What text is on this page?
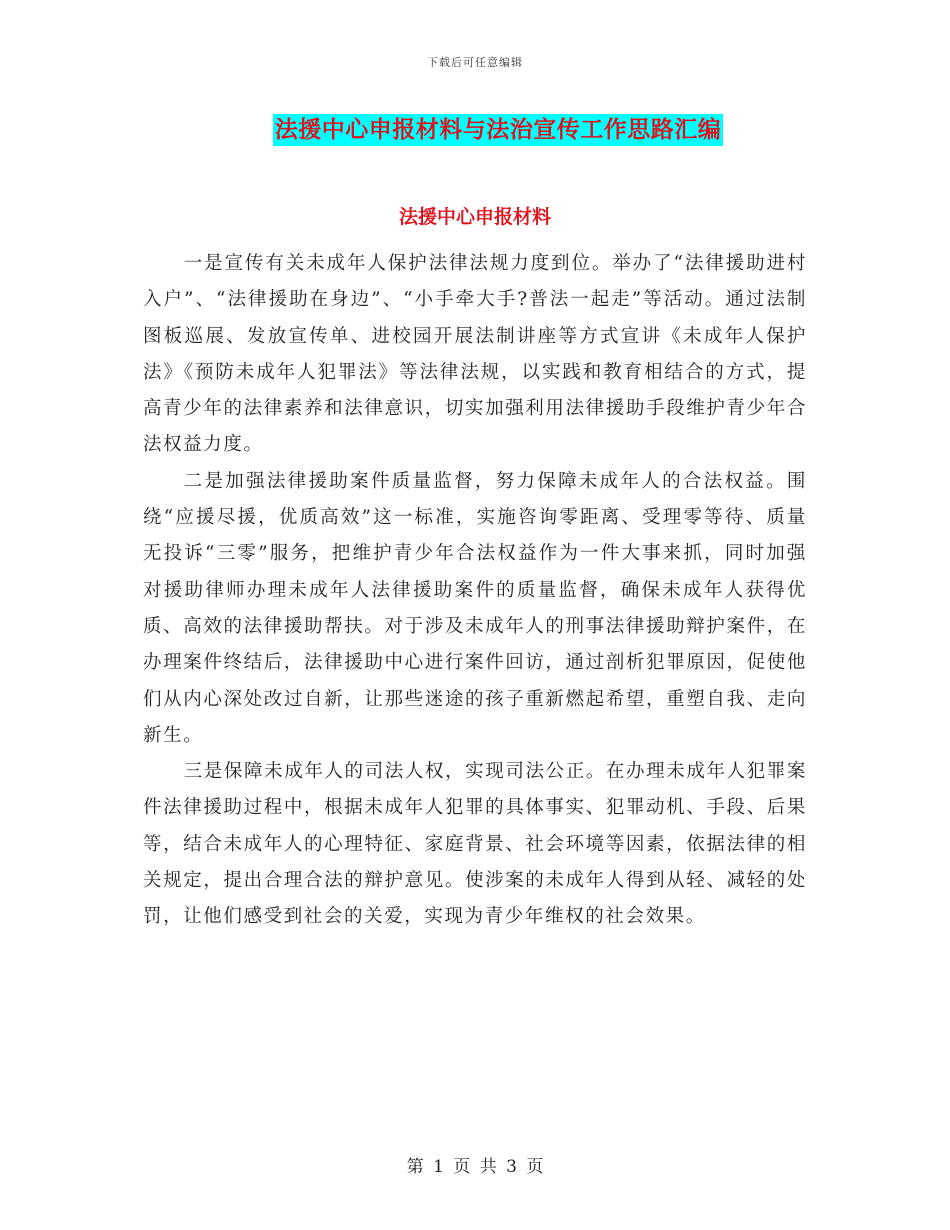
下载后可任意编辑
法援中心申报材料与法治宣传工作思路汇编
法援中心申报材料

一是宣传有关未成年人保护法律法规力度到位。举办了“法律援助进村入户”、“法律援助在身边”、“小手牵大手?普法一起走”等活动。通过法制图板巡展、发放宣传单、进校园开展法制讲座等方式宣讲《未成年人保护法》《预防未成年人犯罪法》等法律法规，以实践和教育相结合的方式，提高青少年的法律素养和法律意识，切实加强利用法律援助手段维护青少年合法权益力度。

二是加强法律援助案件质量监督，努力保障未成年人的合法权益。围绕“应援尽援，优质高效”这一标准，实施咨询零距离、受理零等待、质量无投诉“三零”服务，把维护青少年合法权益作为一件大事来抓，同时加强对援助律师办理未成年人法律援助案件的质量监督，确保未成年人获得优质、高效的法律援助帮扶。对于涉及未成年人的刑事法律援助辩护案件，在办理案件终结后，法律援助中心进行案件回访，通过剖析犯罪原因，促使他们从内心深处改过自新，让那些迷途的孩子重新燃起希望，重塑自我、走向新生。

三是保障未成年人的司法人权，实现司法公正。在办理未成年人犯罪案件法律援助过程中，根据未成年人犯罪的具体事实、犯罪动机、手段、后果等，结合未成年人的心理特征、家庭背景、社会环境等因素，依据法律的相关规定，提出合理合法的辩护意见。使涉案的未成年人得到从轻、减轻的处罚，让他们感受到社会的关爱，实现为青少年维权的社会效果。

第 1 页 共 3 页
